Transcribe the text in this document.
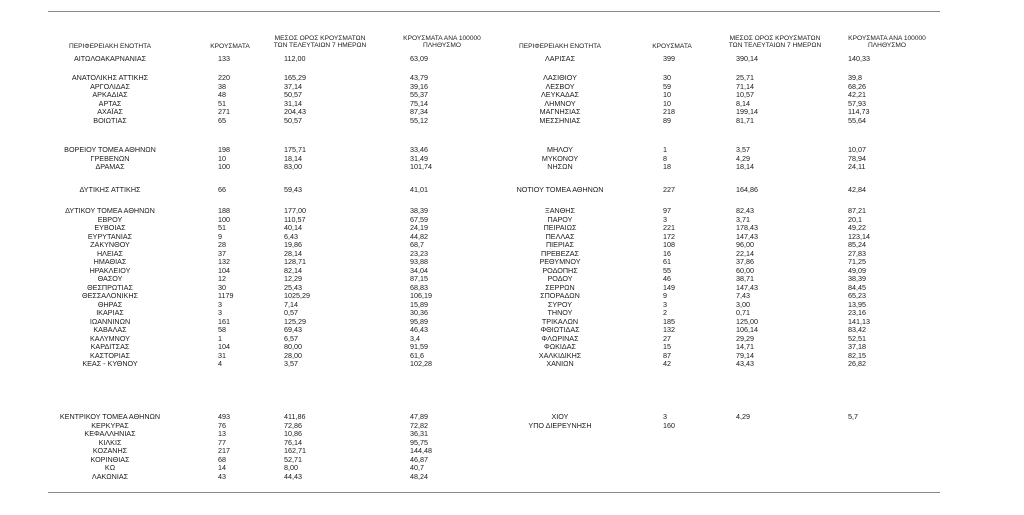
ΠΕΡΙΦΕΡΕΙΑΚΗ ΕΝΟΤΗΤΑ	ΚΡΟΥΣΜΑΤΑ
ΜΕΣΟΣ ΟΡΟΣ ΚΡΟΥΣΜΑΤΩΝ ΤΩΝ ΤΕΛΕΥΤΑΙΩΝ 7 ΗΜΕΡΩΝ
ΚΡΟΥΣΜΑΤΑ ΑΝΑ 100000 ΠΛΗΘΥΣΜΟ
ΑΙΤΩΛΟΑΚΑΡΝΑΝΙΑΣ	133	112,00	63,09
ΑΝΑΤΟΛΙΚΗΣ ΑΤΤΙΚΗΣ	220	165,29	43,79
ΑΡΓΟΛΙΔΑΣ	38	37,14	39,16
ΑΡΚΑΔΙΑΣ	48	50,57	55,37
ΑΡΤΑΣ	51	31,14	75,14
ΑΧΑΪΑΣ	271	204,43	87,34
ΒΟΙΩΤΙΑΣ	65	50,57	55,12
ΒΟΡΕΙΟΥ ΤΟΜΕΑ ΑΘΗΝΩΝ	198	175,71	33,46
ΓΡΕΒΕΝΩΝ	10	18,14	31,49
ΔΡΑΜΑΣ	100	83,00	101,74
ΔΥΤΙΚΗΣ ΑΤΤΙΚΗΣ	66	59,43	41,01
ΔΥΤΙΚΟΥ ΤΟΜΕΑ ΑΘΗΝΩΝ	188	177,00	38,39
ΕΒΡΟΥ	100	110,57	67,59
ΕΥΒΟΙΑΣ	51	40,14	24,19
ΕΥΡΥΤΑΝΙΑΣ	9	6,43	44,82
ΖΑΚΥΝΘΟΥ	28	19,86	68,7
ΗΛΕΙΑΣ	37	28,14	23,23
ΗΜΑΘΙΑΣ	132	128,71	93,88
ΗΡΑΚΛΕΙΟΥ	104	82,14	34,04
ΘΑΣΟΥ	12	12,29	87,15
ΘΕΣΠΡΩΤΙΑΣ	30	25,43	68,83
ΘΕΣΣΑΛΟΝΙΚΗΣ	1179	1025,29	106,19
ΘΗΡΑΣ	3	7,14	15,89
ΙΚΑΡΙΑΣ	3	0,57	30,36
ΙΩΑΝΝΙΝΩΝ	161	125,29	95,89
ΚΑΒΑΛΑΣ	58	69,43	46,43
ΚΑΛΥΜΝΟΥ	1	6,57	3,4
ΚΑΡΔΙΤΣΑΣ	104	80,00	91,59
ΚΑΣΤΟΡΙΑΣ	31	28,00	61,6
ΚΕΑΣ - ΚΥΘΝΟΥ	4	3,57	102,28
ΚΕΝΤΡΙΚΟΥ ΤΟΜΕΑ ΑΘΗΝΩΝ	493	411,86	47,89
ΚΕΡΚΥΡΑΣ	76	72,86	72,82
ΚΕΦΑΛΛΗΝΙΑΣ	13	10,86	36,31
ΚΙΛΚΙΣ	77	76,14	95,75
ΚΟΖΑΝΗΣ	217	162,71	144,48
ΚΟΡΙΝΘΙΑΣ	68	52,71	46,87
ΚΩ	14	8,00	40,7
ΛΑΚΩΝΙΑΣ	43	44,43	48,24
ΠΕΡΙΦΕΡΕΙΑΚΗ ΕΝΟΤΗΤΑ	ΚΡΟΥΣΜΑΤΑ
ΜΕΣΟΣ ΟΡΟΣ ΚΡΟΥΣΜΑΤΩΝ ΤΩΝ ΤΕΛΕΥΤΑΙΩΝ 7 ΗΜΕΡΩΝ
ΚΡΟΥΣΜΑΤΑ ΑΝΑ 100000 ΠΛΗΘΥΣΜΟ
ΛΑΡΙΣΑΣ	399	390,14	140,33
ΛΑΣΙΘΙΟΥ	30	25,71	39,8
ΛΕΣΒΟΥ	59	71,14	68,26
ΛΕΥΚΑΔΑΣ	10	10,57	42,21
ΛΗΜΝΟΥ	10	8,14	57,93
ΜΑΓΝΗΣΙΑΣ	218	199,14	114,73
ΜΕΣΣΗΝΙΑΣ	89	81,71	55,64
ΜΗΛΟΥ	1	3,57	10,07
ΜΥΚΟΝΟΥ	8	4,29	78,94
ΝΗΣΩΝ	18	18,14	24,11
ΝΟΤΙΟΥ ΤΟΜΕΑ ΑΘΗΝΩΝ	227	164,86	42,84
ΞΑΝΘΗΣ	97	82,43	87,21
ΠΑΡΟΥ	3	3,71	20,1
ΠΕΙΡΑΙΩΣ	221	178,43	49,22
ΠΕΛΛΑΣ	172	147,43	123,14
ΠΙΕΡΙΑΣ	108	96,00	85,24
ΠΡΕΒΕΖΑΣ	16	22,14	27,83
ΡΕΘΥΜΝΟΥ	61	37,86	71,25
ΡΟΔΟΠΗΣ	55	60,00	49,09
ΡΟΔΟΥ	46	38,71	38,39
ΣΕΡΡΩΝ	149	147,43	84,45
ΣΠΟΡΑΔΩΝ	9	7,43	65,23
ΣΥΡΟΥ	3	3,00	13,95
ΤΗΝΟΥ	2	0,71	23,16
ΤΡΙΚΑΛΩΝ	185	125,00	141,13
ΦΘΙΩΤΙΔΑΣ	132	106,14	83,42
ΦΛΩΡΙΝΑΣ	27	29,29	52,51
ΦΩΚΙΔΑΣ	15	14,71	37,18
ΧΑΛΚΙΔΙΚΗΣ	87	79,14	82,15
ΧΑΝΙΩΝ	42	43,43	26,82
ΧΙΟΥ	3	4,29	5,7
ΥΠΟ ΔΙΕΡΕΥΝΗΣΗ	160
